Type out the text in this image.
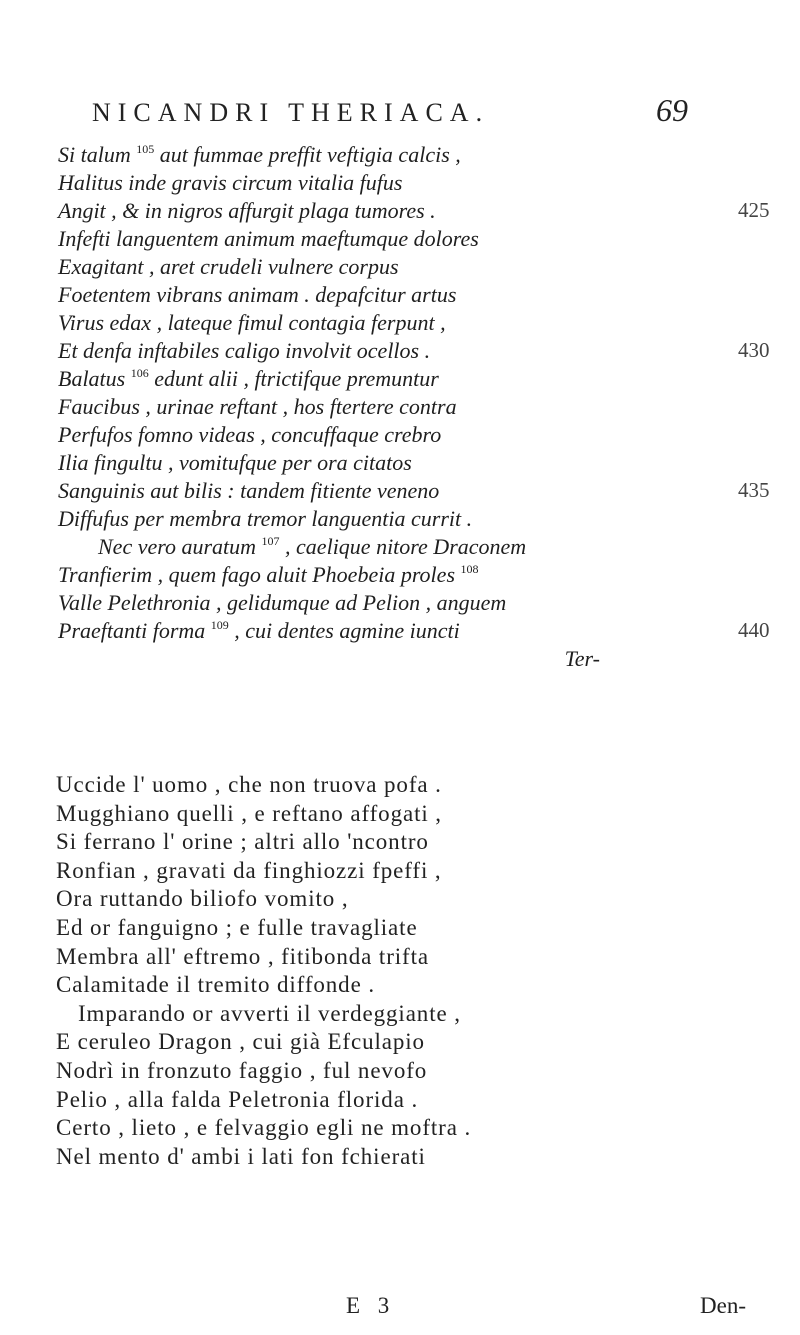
NICANDRI THERIACA.	69
Si talum $^{105}$ aut fummae preffit veftigia calcis ,
Halitus inde gravis circum vitalia fufus
Angit , & in nigros affurgit plaga tumores .
Infefti languentem animum maeftumque dolores
Exagitant , aret crudeli vulnere corpus
Foetentem vibrans animam . depafcitur artus
Virus edax , lateque fimul contagia ferpunt ,
Et denfa inftabiles caligo involvit ocellos .
Balatus $^{106}$ edunt alii , ftrictifque premuntur
Faucibus , urinae reftant , hos ftertere contra
Perfufos fomno videas , concuffaque crebro
Ilia fingultu , vomitufque per ora citatos
Sanguinis aut bilis : tandem fitiente veneno
Diffufus per membra tremor languentia currit .
Nec vero auratum $^{107}$ , caelique nitore Draconem
Tranfierim , quem fago aluit Phoebeia proles $^{108}$
Valle Pelethronia , gelidumque ad Pelion , anguem
Praeftanti forma $^{109}$ , cui dentes agmine iuncti
Ter-
425
430
435
440
Uccide l' uomo , che non truova pofa .
Mugghiano quelli , e reftano affogati ,
Si ferrano l' orine ; altri allo 'ncontro
Ronfian , gravati da finghiozzi fpeffi ,
Ora ruttando biliofo vomito ,
Ed or fanguigno ; e fulle travagliate
Membra all' eftremo , fitibonda trifta
Calamitade il tremito diffonde .
Imparando or avverti il verdeggiante ,
E ceruleo Dragon , cui già Efculapio
Nodrì in fronzuto faggio , ful nevofo
Pelio , alla falda Peletronia florida .
Certo , lieto , e felvaggio egli ne moftra .
Nel mento d' ambi i lati fon fchierati
E 3	Den-
